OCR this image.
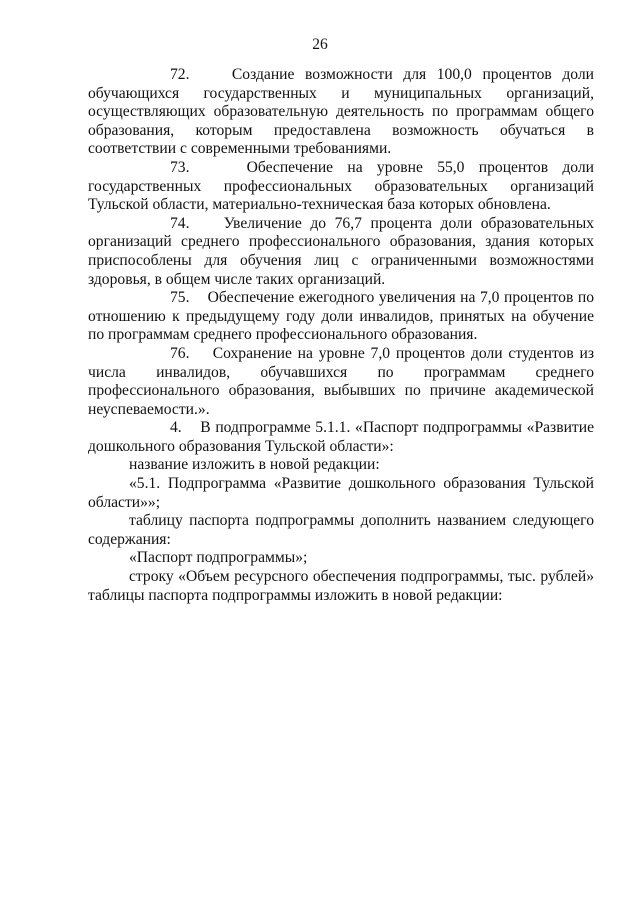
26

72.	Создание возможности для 100,0 процентов доли обучающихся государственных и муниципальных организаций, осуществляющих образовательную деятельность по программам общего образования, которым предоставлена возможность обучаться в соответствии с современными требованиями.

73.	Обеспечение на уровне 55,0 процентов доли государственных профессиональных образовательных организаций Тульской области, материально-техническая база которых обновлена.

74. Увеличение до 76,7 процента доли образовательных организаций среднего профессионального образования, здания которых приспособлены для обучения лиц с ограниченными возможностями здоровья, в общем числе таких организаций.

75. Обеспечение ежегодного увеличения на 7,0 процентов по отношению к предыдущему году доли инвалидов, принятых на обучение по программам среднего профессионального образования.

76. Сохранение на уровне 7,0 процентов доли студентов из числа инвалидов, обучавшихся по программам среднего профессионального образования, выбывших по причине академической неуспеваемости.».

4. В подпрограмме 5.1.1. «Паспорт подпрограммы «Развитие дошкольного образования Тульской области»:

название изложить в новой редакции:

«5.1. Подпрограмма «Развитие дошкольного образования Тульской области»»;

таблицу паспорта подпрограммы дополнить названием следующего содержания:

«Паспорт подпрограммы»;

строку «Объем ресурсного обеспечения подпрограммы, тыс. рублей» таблицы паспорта подпрограммы изложить в новой редакции:
